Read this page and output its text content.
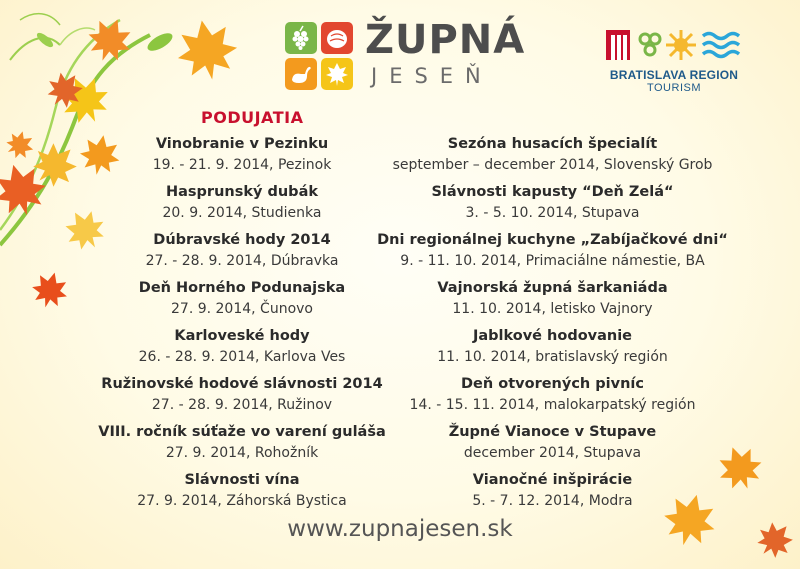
ŽUPNÁ
JESEŇ	BRATISLAVA REGION
TOURISM
PODUJATIA
Vinobranie v Pezinku
19. - 21. 9. 2014, Pezinok
Hasprunský dubák
20. 9. 2014, Studienka
Dúbravské hody 2014
27. - 28. 9. 2014, Dúbravka
Deň Horného Podunajska
27. 9. 2014, Čunovo
Karloveské hody
26. - 28. 9. 2014, Karlova Ves
Ružinovské hodové slávnosti 2014
27. - 28. 9. 2014, Ružinov
VIII. ročník súťaže vo varení guláša
27. 9. 2014, Rohožník
Slávnosti vína
27. 9. 2014, Záhorská Bystica
Sezóna husacích špecialít
september – december 2014, Slovenský Grob
Slávnosti kapusty “Deň Zelá“
3. - 5. 10. 2014, Stupava
Dni regionálnej kuchyne „Zabíjačkové dni“
9. - 11. 10. 2014, Primaciálne námestie, BA
Vajnorská župná šarkaniáda
11. 10. 2014, letisko Vajnory
Jablkové hodovanie
11. 10. 2014, bratislavský región
Deň otvorených pivníc
14. - 15. 11. 2014, malokarpatský región
Župné Vianoce v Stupave
december 2014, Stupava
Vianočné inšpirácie
5. - 7. 12. 2014, Modra
www.zupnajesen.sk
